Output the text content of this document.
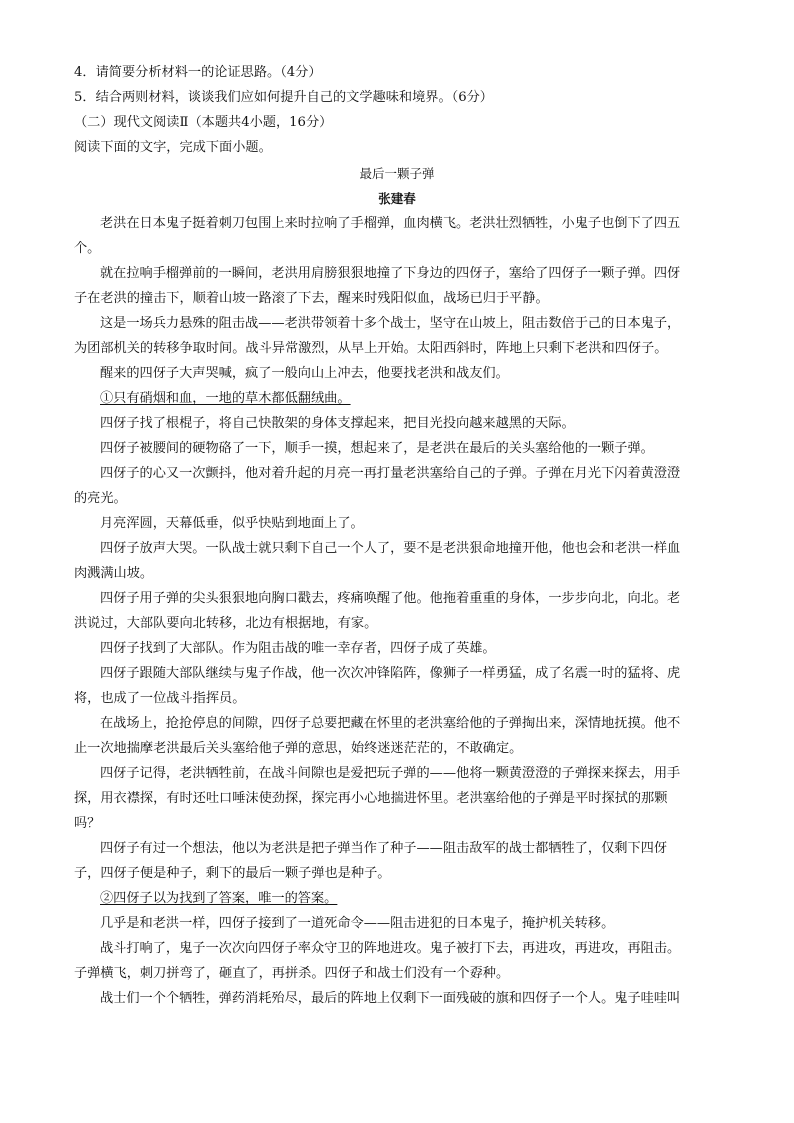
4．请简要分析材料一的论证思路。（4分）
5．结合两则材料，谈谈我们应如何提升自己的文学趣味和境界。（6分）
（二）现代文阅读Ⅱ（本题共4小题，16分）
阅读下面的文字，完成下面小题。
最后一颗子弹
张建春
老洪在日本鬼子挺着刺刀包围上来时拉响了手榴弹，血肉横飞。老洪壮烈牺牲，小鬼子也倒下了四五
个。
就在拉响手榴弹前的一瞬间，老洪用肩膀狠狠地撞了下身边的四伢子，塞给了四伢子一颗子弹。四伢
子在老洪的撞击下，顺着山坡一路滚了下去，醒来时残阳似血，战场已归于平静。
这是一场兵力悬殊的阻击战——老洪带领着十多个战士，坚守在山坡上，阻击数倍于己的日本鬼子，
为团部机关的转移争取时间。战斗异常激烈，从早上开始。太阳西斜时，阵地上只剩下老洪和四伢子。
醒来的四伢子大声哭喊，疯了一般向山上冲去，他要找老洪和战友们。
①只有硝烟和血，一地的草木都低翻绒曲。
四伢子找了根棍子，将自己快散架的身体支撑起来，把目光投向越来越黑的天际。
四伢子被腰间的硬物硌了一下，顺手一摸，想起来了，是老洪在最后的关头塞给他的一颗子弹。
四伢子的心又一次颤抖，他对着升起的月亮一再打量老洪塞给自己的子弹。子弹在月光下闪着黄澄澄
的亮光。
月亮浑圆，天幕低垂，似乎快贴到地面上了。
四伢子放声大哭。一队战士就只剩下自己一个人了，要不是老洪狠命地撞开他，他也会和老洪一样血
肉溅满山坡。
四伢子用子弹的尖头狠狠地向胸口戳去，疼痛唤醒了他。他拖着重重的身体，一步步向北，向北。老
洪说过，大部队要向北转移，北边有根据地，有家。
四伢子找到了大部队。作为阻击战的唯一幸存者，四伢子成了英雄。
四伢子跟随大部队继续与鬼子作战，他一次次冲锋陷阵，像狮子一样勇猛，成了名震一时的猛将、虎
将，也成了一位战斗指挥员。
在战场上，抢抢停息的间隙，四伢子总要把藏在怀里的老洪塞给他的子弹掏出来，深情地抚摸。他不
止一次地揣摩老洪最后关头塞给他子弹的意思，始终迷迷茫茫的，不敢确定。
四伢子记得，老洪牺牲前，在战斗间隙也是爱把玩子弹的——他将一颗黄澄澄的子弹探来探去，用手
探，用衣襟探，有时还吐口唾沫使劲探，探完再小心地揣进怀里。老洪塞给他的子弹是平时探拭的那颗
吗？
四伢子有过一个想法，他以为老洪是把子弹当作了种子——阻击敌军的战士都牺牲了，仅剩下四伢
子，四伢子便是种子，剩下的最后一颗子弹也是种子。
②四伢子以为找到了答案，唯一的答案。
几乎是和老洪一样，四伢子接到了一道死命令——阻击进犯的日本鬼子，掩护机关转移。
战斗打响了，鬼子一次次向四伢子率众守卫的阵地进攻。鬼子被打下去，再进攻，再进攻，再阻击。
子弹横飞，刺刀拼弯了，砸直了，再拼杀。四伢子和战士们没有一个孬种。
战士们一个个牺牲，弹药消耗殆尽，最后的阵地上仅剩下一面残破的旗和四伢子一个人。鬼子哇哇叫
